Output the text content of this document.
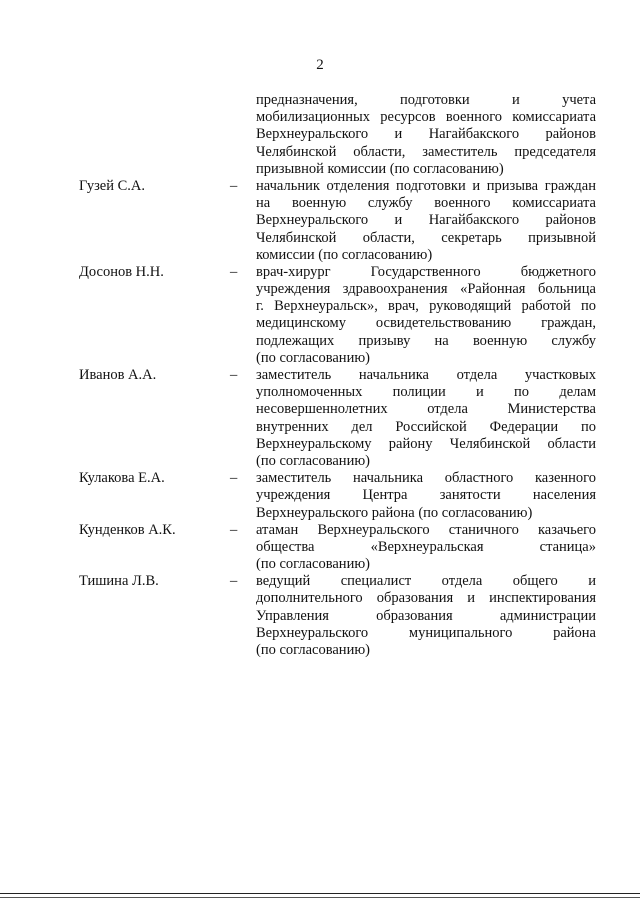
2
предназначения, подготовки и учета
мобилизационных ресурсов военного комиссариата
Верхнеуральского и Нагайбакского районов
Челябинской области, заместитель председателя
призывной комиссии (по согласованию)
Гузей С.А.	– начальник отделения подготовки и призыва граждан
на военную службу военного комиссариата
Верхнеуральского и Нагайбакского районов
Челябинской области, секретарь призывной
комиссии (по согласованию)
Досонов Н.Н.	– врач-хирург Государственного бюджетного
учреждения здравоохранения «Районная больница
г. Верхнеуральск», врач, руководящий работой по
медицинскому освидетельствованию граждан,
подлежащих призыву на военную службу
(по согласованию)
Иванов А.А.	– заместитель начальника отдела участковых
уполномоченных полиции и по делам
несовершеннолетних отдела Министерства
внутренних дел Российской Федерации по
Верхнеуральскому району Челябинской области
(по согласованию)
Кулакова Е.А.	– заместитель начальника областного казенного
учреждения Центра занятости населения
Верхнеуральского района (по согласованию)
Кунденков А.К.	– атаман Верхнеуральского станичного казачьего
общества «Верхнеуральская станица»
(по согласованию)
Тишина Л.В.	– ведущий специалист отдела общего и
дополнительного образования и инспектирования
Управления образования администрации
Верхнеуральского муниципального района
(по согласованию)
